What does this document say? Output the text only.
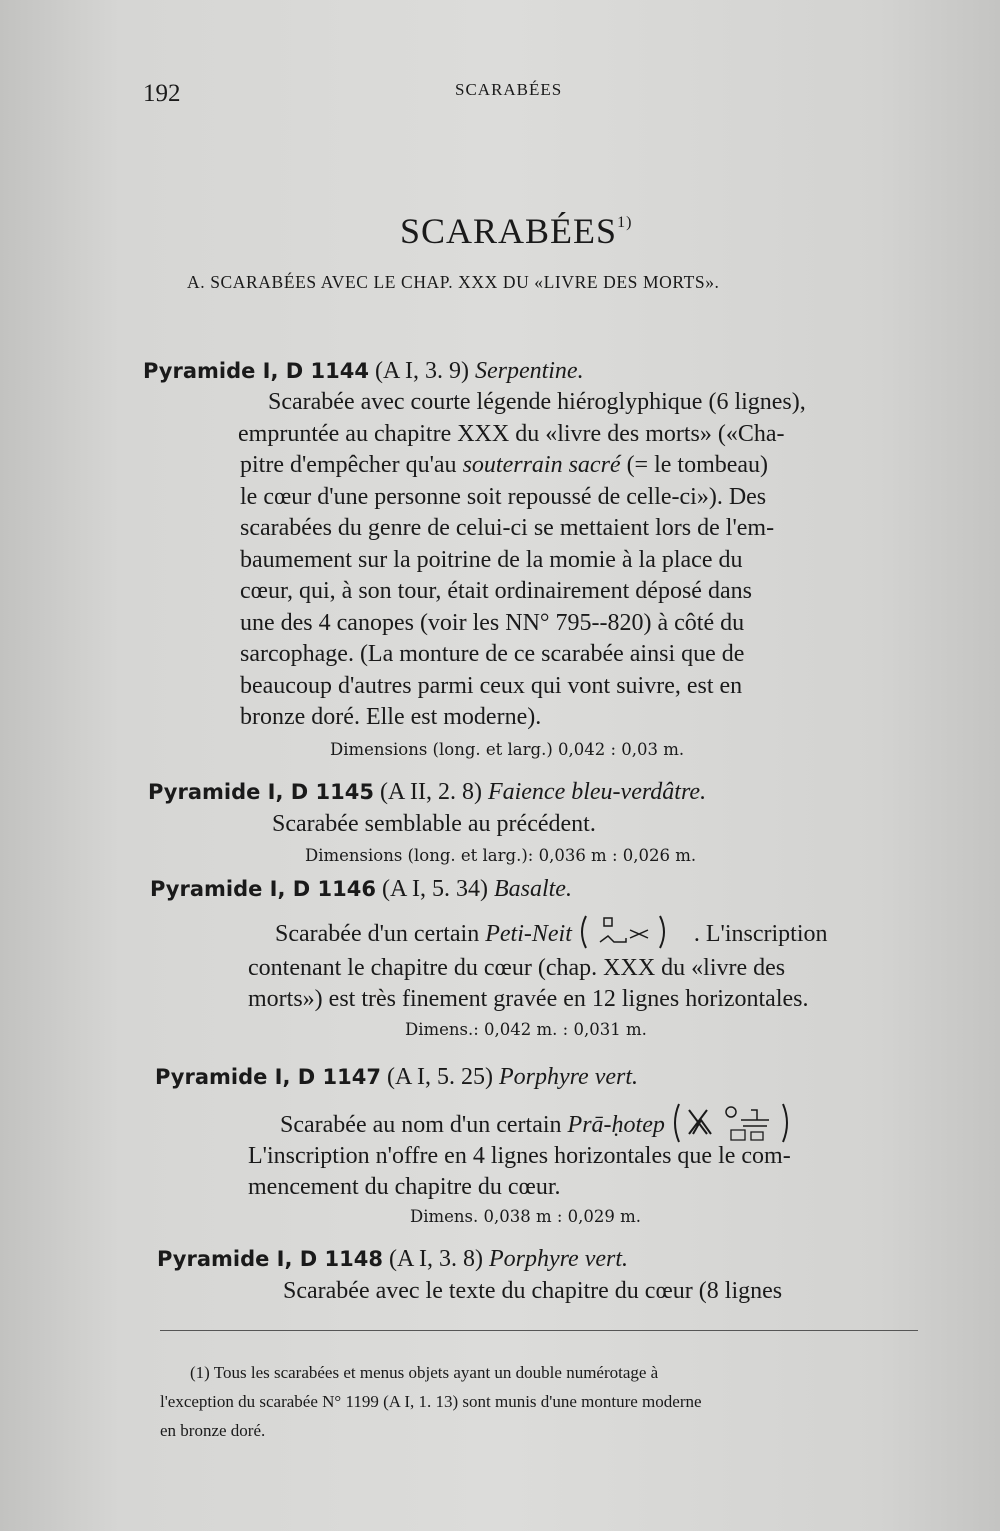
192	SCARABÉES
SCARABÉES$^{1)}$
A. SCARABÉES AVEC LE CHAP. XXX DU «LIVRE DES MORTS».
Pyramide I, D 1144 (A I, 3. 9) Serpentine.
Scarabée avec courte légende hiéroglyphique (6 lignes),
empruntée au chapitre XXX du «livre des morts» («Cha-
pitre d'empêcher qu'au souterrain sacré (= le tombeau)
le cœur d'une personne soit repoussé de celle-ci»). Des
scarabées du genre de celui-ci se mettaient lors de l'em-
baumement sur la poitrine de la momie à la place du
cœur, qui, à son tour, était ordinairement déposé dans
une des 4 canopes (voir les NN° 795--820) à côté du
sarcophage. (La monture de ce scarabée ainsi que de
beaucoup d'autres parmi ceux qui vont suivre, est en
bronze doré. Elle est moderne).
Dimensions (long. et larg.) 0,042 : 0,03 m.
Pyramide I, D 1145 (A II, 2. 8) Faience bleu-verdâtre.
Scarabée semblable au précédent.
Dimensions (long. et larg.): 0,036 m : 0,026 m.
Pyramide I, D 1146 (A I, 5. 34) Basalte.
Scarabée d'un certain Peti-Neit	. L'inscription
contenant le chapitre du cœur (chap. XXX du «livre des
morts») est très finement gravée en 12 lignes horizontales.
Dimens.: 0,042 m. : 0,031 m.
Pyramide I, D 1147 (A I, 5. 25) Porphyre vert.
Scarabée au nom d'un certain Prā-ḥotep
L'inscription n'offre en 4 lignes horizontales que le com-
mencement du chapitre du cœur.
Dimens. 0,038 m : 0,029 m.
Pyramide I, D 1148 (A I, 3. 8) Porphyre vert.
Scarabée avec le texte du chapitre du cœur (8 lignes
(1) Tous les scarabées et menus objets ayant un double numérotage à
l'exception du scarabée N° 1199 (A I, 1. 13) sont munis d'une monture moderne
en bronze doré.
